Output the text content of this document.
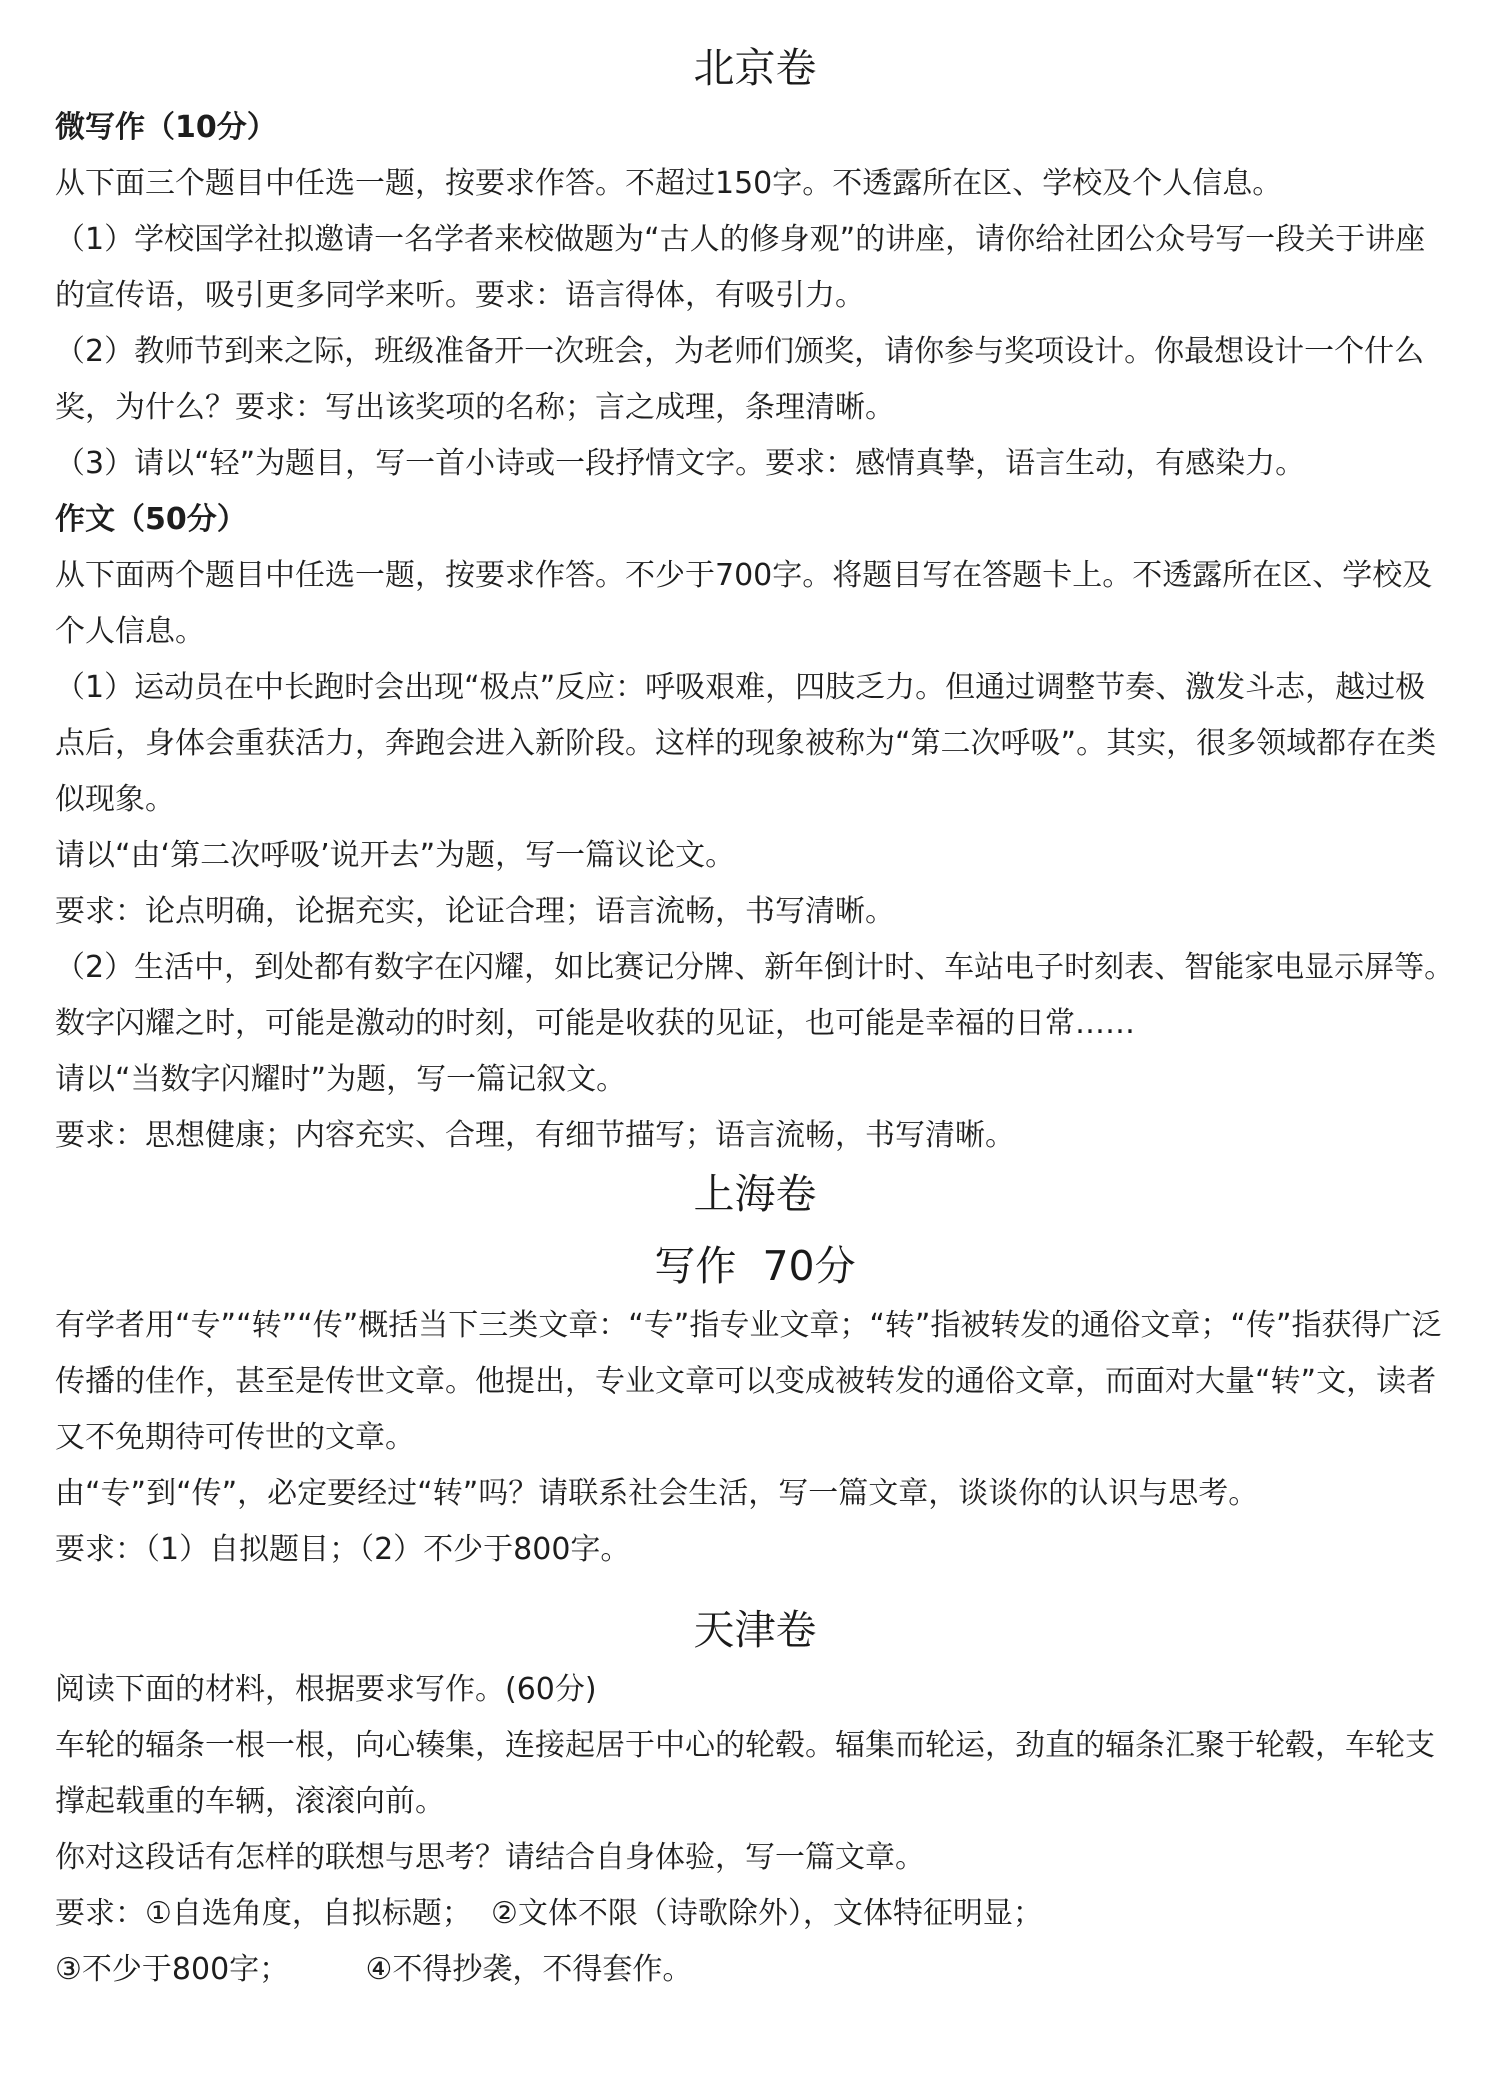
北京卷

微写作（10分）

从下面三个题目中任选一题，按要求作答。不超过150字。不透露所在区、学校及个人信息。

（1）学校国学社拟邀请一名学者来校做题为“古人的修身观”的讲座，请你给社团公众号写一段关于讲座的宣传语，吸引更多同学来听。要求：语言得体，有吸引力。

（2）教师节到来之际，班级准备开一次班会，为老师们颁奖，请你参与奖项设计。你最想设计一个什么奖，为什么？要求：写出该奖项的名称；言之成理，条理清晰。

（3）请以“轻”为题目，写一首小诗或一段抒情文字。要求：感情真挚，语言生动，有感染力。

作文（50分）

从下面两个题目中任选一题，按要求作答。不少于700字。将题目写在答题卡上。不透露所在区、学校及个人信息。

（1）运动员在中长跑时会出现“极点”反应：呼吸艰难，四肢乏力。但通过调整节奏、激发斗志，越过极点后，身体会重获活力，奔跑会进入新阶段。这样的现象被称为“第二次呼吸”。其实，很多领域都存在类似现象。

请以“由‘第二次呼吸’说开去”为题，写一篇议论文。

要求：论点明确，论据充实，论证合理；语言流畅，书写清晰。

（2）生活中，到处都有数字在闪耀，如比赛记分牌、新年倒计时、车站电子时刻表、智能家电显示屏等。数字闪耀之时，可能是激动的时刻，可能是收获的见证，也可能是幸福的日常……

请以“当数字闪耀时”为题，写一篇记叙文。

要求：思想健康；内容充实、合理，有细节描写；语言流畅，书写清晰。

上海卷
写作  70分

有学者用“专”“转”“传”概括当下三类文章：“专”指专业文章；“转”指被转发的通俗文章；“传”指获得广泛传播的佳作，甚至是传世文章。他提出，专业文章可以变成被转发的通俗文章，而面对大量“转”文，读者又不免期待可传世的文章。

由“专”到“传”，必定要经过“转”吗？请联系社会生活，写一篇文章，谈谈你的认识与思考。

要求：（1）自拟题目；（2）不少于800字。

天津卷

阅读下面的材料，根据要求写作。(60分)

车轮的辐条一根一根，向心辏集，连接起居于中心的轮毂。辐集而轮运，劲直的辐条汇聚于轮毂，车轮支撑起载重的车辆，滚滚向前。

你对这段话有怎样的联想与思考？请结合自身体验，写一篇文章。

要求：①自选角度，自拟标题；  ②文体不限（诗歌除外），文体特征明显；

③不少于800字；        ④不得抄袭，不得套作。
